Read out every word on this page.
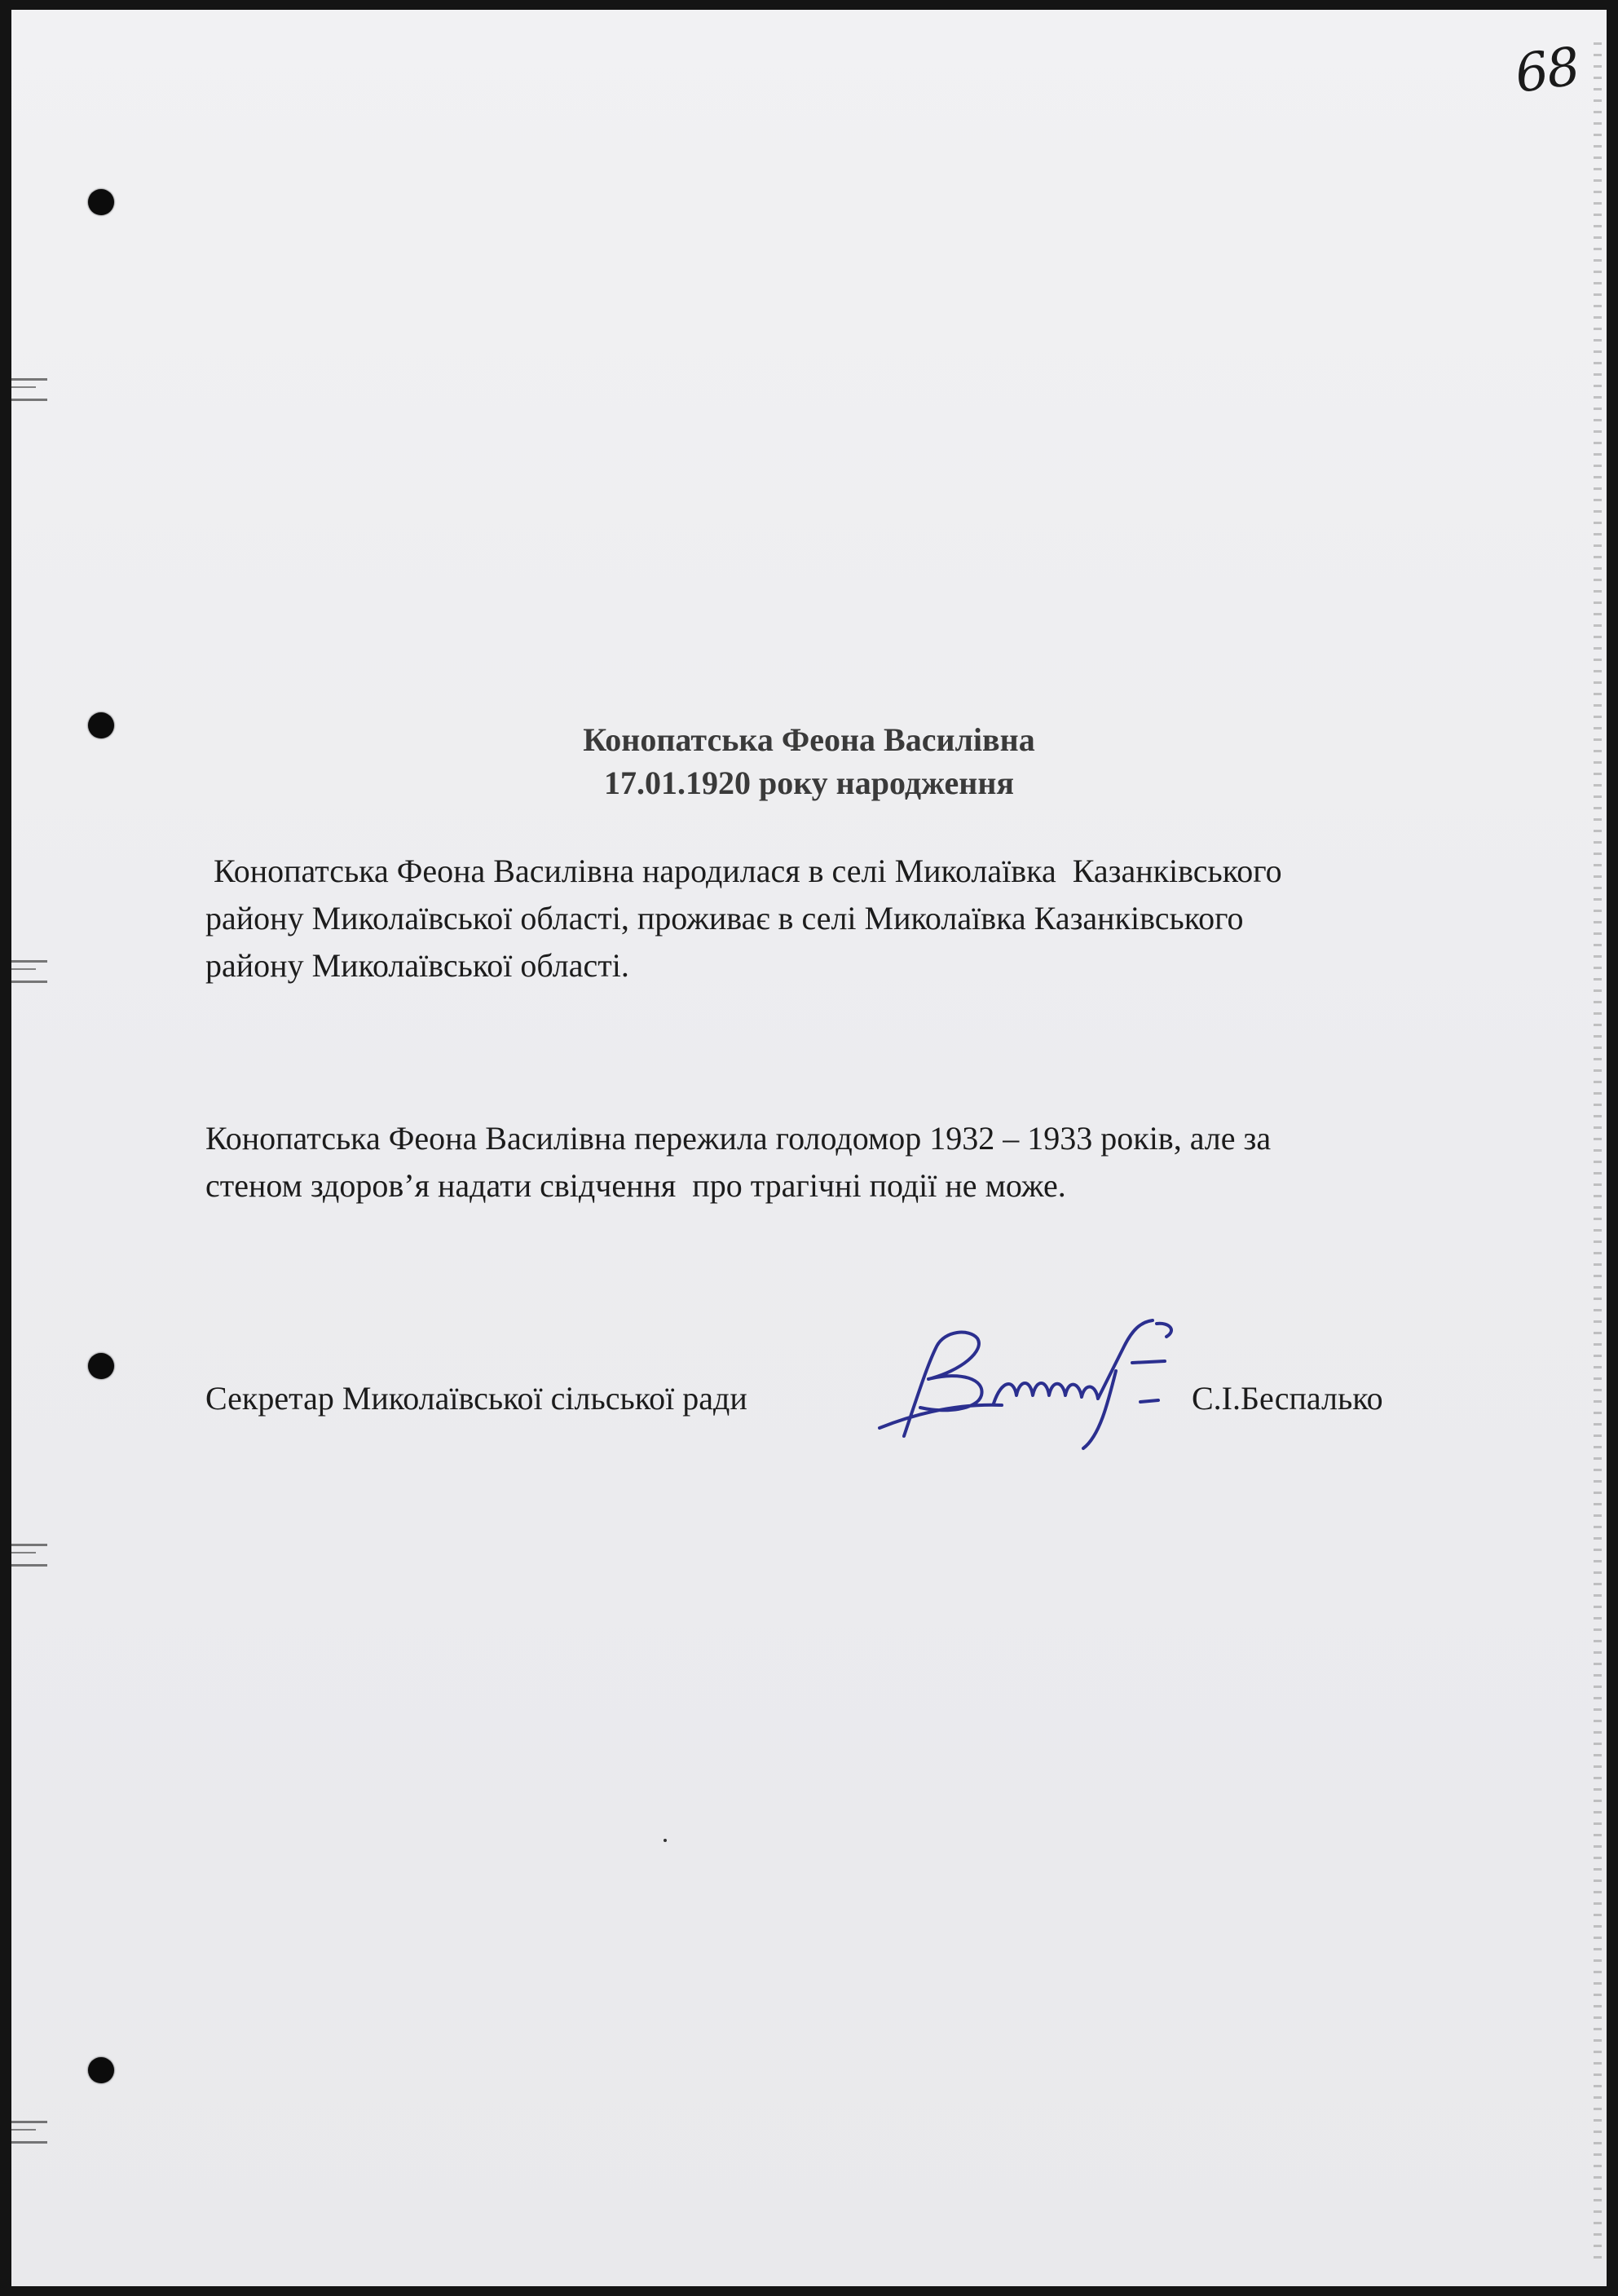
68
Конопатська Феона Василівна
17.01.1920 року народження
Конопатська Феона Василівна народилася в селі Миколаївка  Казанківського
району Миколаївської області, проживає в селі Миколаївка Казанківського
району Миколаївської області.
Конопатська Феона Василівна пережила голодомор 1932 – 1933 років, але за
стеном здоров’я надати свідчення  про трагічні події не може.
Секретар Миколаївської сільської ради	С.І.Беспалько
